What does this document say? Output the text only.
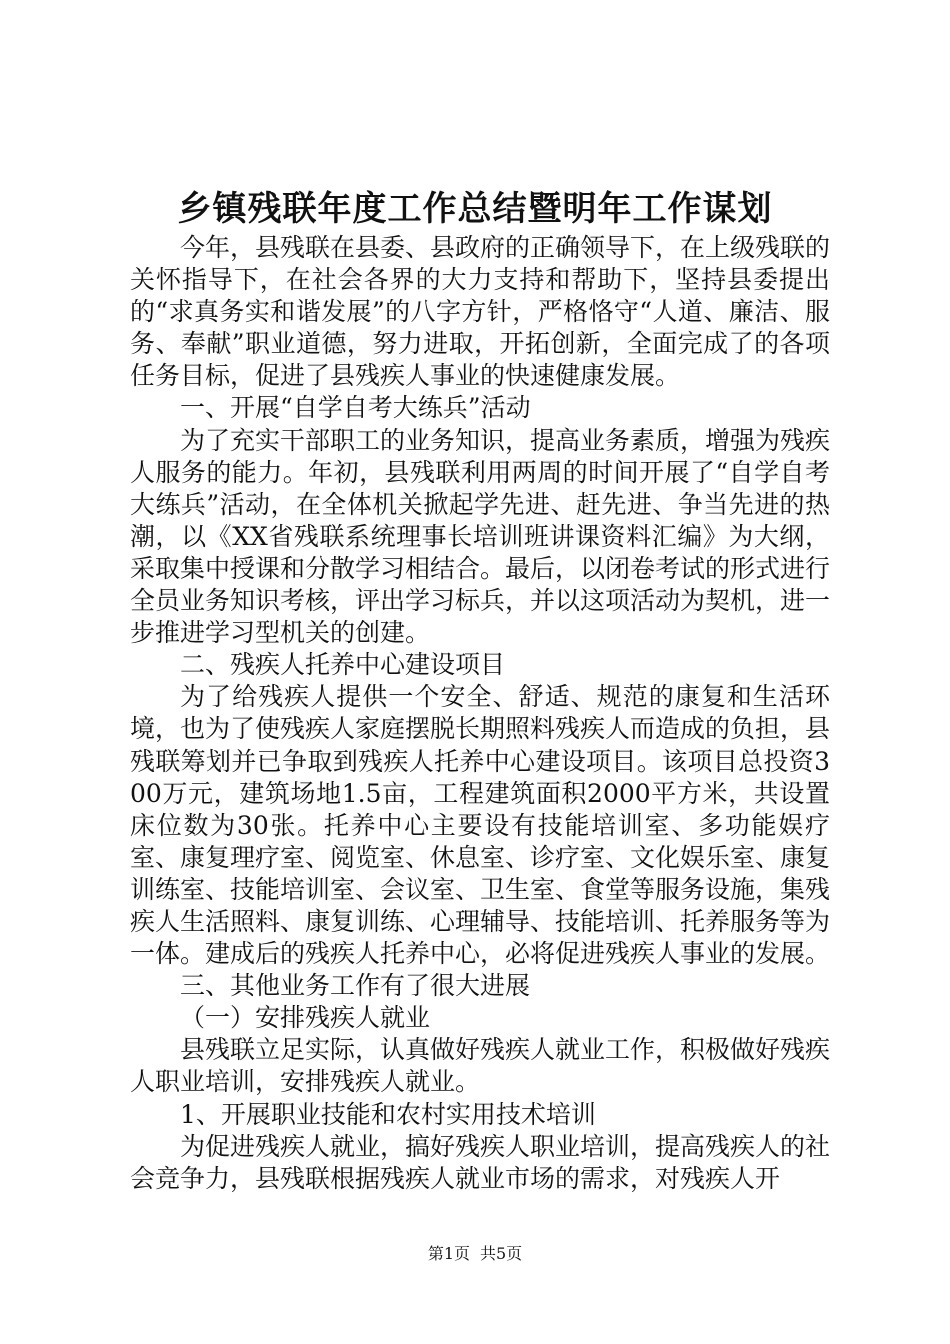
乡镇残联年度工作总结暨明年工作谋划

今年，县残联在县委、县政府的正确领导下，在上级残联的关怀指导下，在社会各界的大力支持和帮助下，坚持县委提出的“求真务实和谐发展”的八字方针，严格恪守“人道、廉洁、服务、奉献”职业道德，努力进取，开拓创新，全面完成了的各项任务目标，促进了县残疾人事业的快速健康发展。

一、开展“自学自考大练兵”活动

为了充实干部职工的业务知识，提高业务素质，增强为残疾人服务的能力。年初，县残联利用两周的时间开展了“自学自考大练兵”活动，在全体机关掀起学先进、赶先进、争当先进的热潮，以《XX省残联系统理事长培训班讲课资料汇编》为大纲，采取集中授课和分散学习相结合。最后，以闭卷考试的形式进行全员业务知识考核，评出学习标兵，并以这项活动为契机，进一步推进学习型机关的创建。

二、残疾人托养中心建设项目

为了给残疾人提供一个安全、舒适、规范的康复和生活环境，也为了使残疾人家庭摆脱长期照料残疾人而造成的负担，县残联筹划并已争取到残疾人托养中心建设项目。该项目总投资300万元，建筑场地1.5亩，工程建筑面积2000平方米，共设置床位数为30张。托养中心主要设有技能培训室、多功能娱疗室、康复理疗室、阅览室、休息室、诊疗室、文化娱乐室、康复训练室、技能培训室、会议室、卫生室、食堂等服务设施，集残疾人生活照料、康复训练、心理辅导、技能培训、托养服务等为一体。建成后的残疾人托养中心，必将促进残疾人事业的发展。

三、其他业务工作有了很大进展

（一）安排残疾人就业

县残联立足实际，认真做好残疾人就业工作，积极做好残疾人职业培训，安排残疾人就业。

1、开展职业技能和农村实用技术培训

为促进残疾人就业，搞好残疾人职业培训，提高残疾人的社会竞争力，县残联根据残疾人就业市场的需求，对残疾人开

第1页 共5页
